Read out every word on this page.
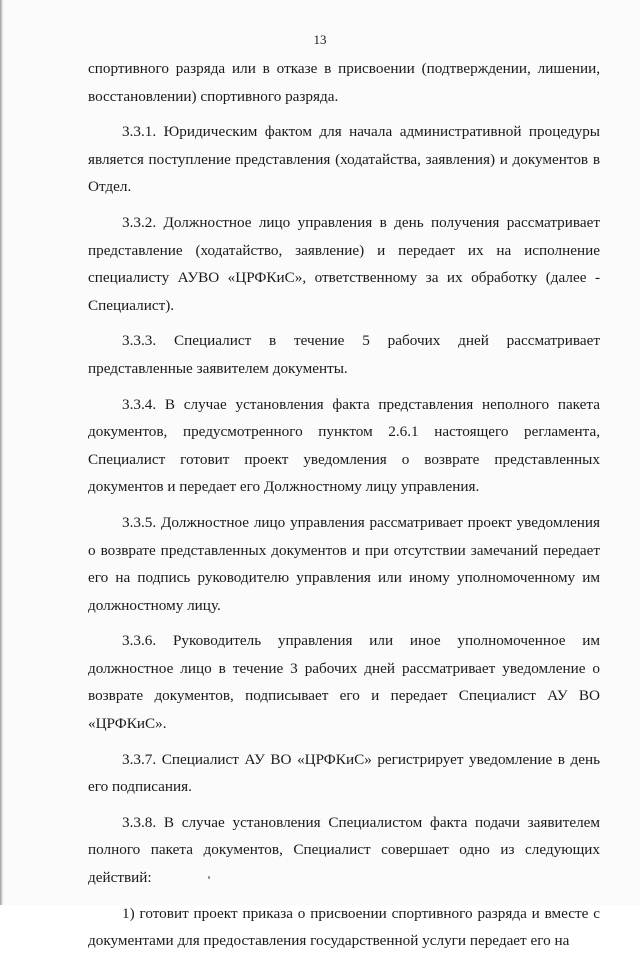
13

спортивного разряда или в отказе в присвоении (подтверждении, лишении, восстановлении) спортивного разряда.

3.3.1. Юридическим фактом для начала административной процедуры является поступление представления (ходатайства, заявления) и документов в Отдел.

3.3.2. Должностное лицо управления в день получения рассматривает представление (ходатайство, заявление) и передает их на исполнение специалисту АУВО «ЦРФКиС», ответственному за их обработку (далее - Специалист).

3.3.3. Специалист в течение 5 рабочих дней рассматривает представленные заявителем документы.

3.3.4. В случае установления факта представления неполного пакета документов, предусмотренного пунктом 2.6.1 настоящего регламента, Специалист готовит проект уведомления о возврате представленных документов и передает его Должностному лицу управления.

3.3.5. Должностное лицо управления рассматривает проект уведомления о возврате представленных документов и при отсутствии замечаний передает его на подпись руководителю управления или иному уполномоченному им должностному лицу.

3.3.6. Руководитель управления или иное уполномоченное им должностное лицо в течение 3 рабочих дней рассматривает уведомление о возврате документов, подписывает его и передает Специалист АУ ВО «ЦРФКиС».

3.3.7. Специалист АУ ВО «ЦРФКиС» регистрирует уведомление в день его подписания.

3.3.8. В случае установления Специалистом факта подачи заявителем полного пакета документов, Специалист совершает одно из следующих действий:

1) готовит проект приказа о присвоении спортивного разряда и вместе с документами для предоставления государственной услуги передает его на
